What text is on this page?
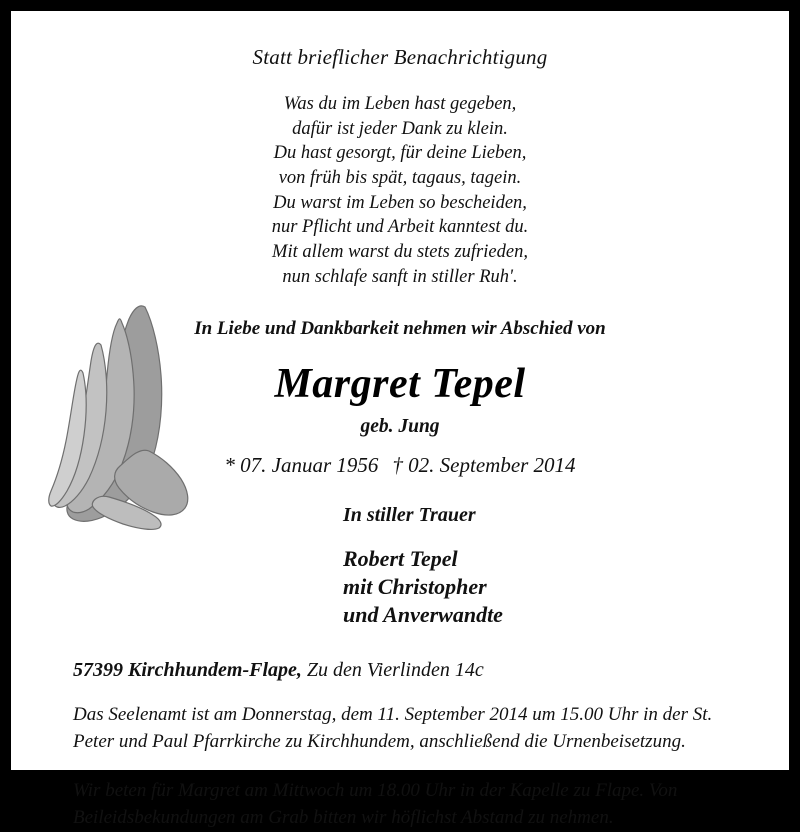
Statt brieflicher Benachrichtigung
Was du im Leben hast gegeben,
dafür ist jeder Dank zu klein.
Du hast gesorgt, für deine Lieben,
von früh bis spät, tagaus, tagein.
Du warst im Leben so bescheiden,
nur Pflicht und Arbeit kanntest du.
Mit allem warst du stets zufrieden,
nun schlafe sanft in stiller Ruh'.
In Liebe und Dankbarkeit nehmen wir Abschied von
Margret Tepel
geb. Jung
* 07. Januar 1956 † 02. September 2014
In stiller Trauer
Robert Tepel
mit Christopher
und Anverwandte
57399 Kirchhundem-Flape, Zu den Vierlinden 14c
Das Seelenamt ist am Donnerstag, dem 11. September 2014 um 15.00 Uhr in der St. Peter und Paul Pfarrkirche zu Kirchhundem, anschließend die Urnenbeisetzung.
Wir beten für Margret am Mittwoch um 18.00 Uhr in der Kapelle zu Flape. Von Beileidsbekundungen am Grab bitten wir höflichst Abstand zu nehmen.
